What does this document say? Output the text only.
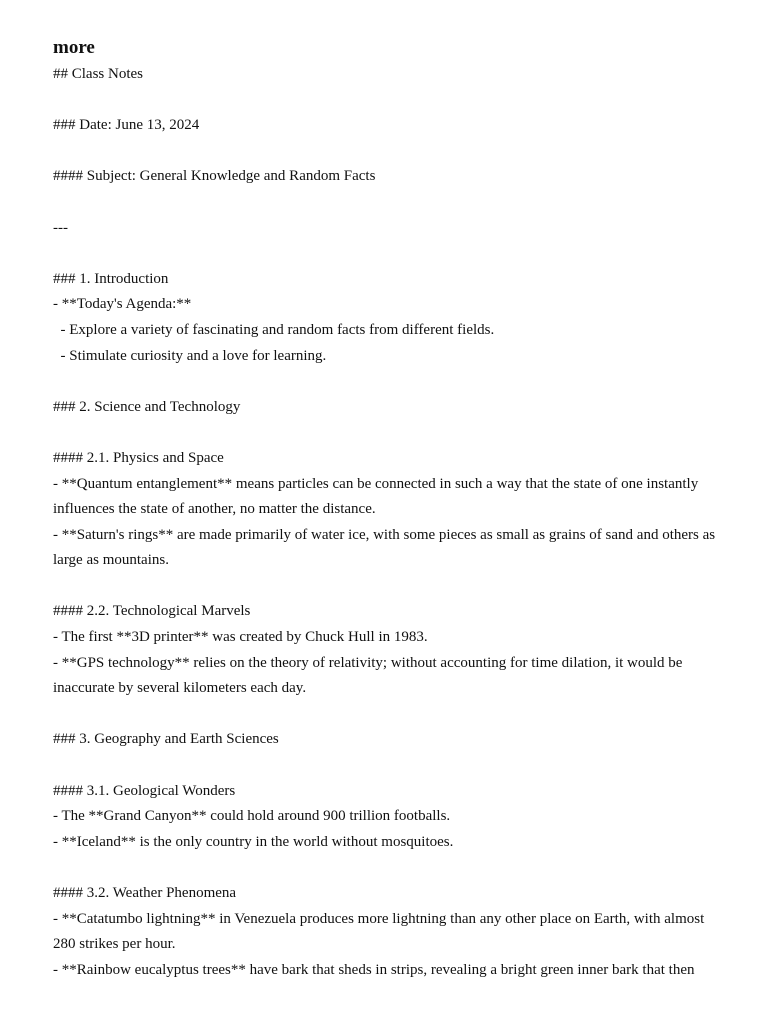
more

## Class Notes

### Date: June 13, 2024

#### Subject: General Knowledge and Random Facts

---

### 1. Introduction

- **Today's Agenda:**

- Explore a variety of fascinating and random facts from different fields.

- Stimulate curiosity and a love for learning.

### 2. Science and Technology

#### 2.1. Physics and Space

- **Quantum entanglement** means particles can be connected in such a way that the state of one instantly influences the state of another, no matter the distance.

- **Saturn's rings** are made primarily of water ice, with some pieces as small as grains of sand and others as large as mountains.

#### 2.2. Technological Marvels

- The first **3D printer** was created by Chuck Hull in 1983.

- **GPS technology** relies on the theory of relativity; without accounting for time dilation, it would be inaccurate by several kilometers each day.

### 3. Geography and Earth Sciences

#### 3.1. Geological Wonders

- The **Grand Canyon** could hold around 900 trillion footballs.

- **Iceland** is the only country in the world without mosquitoes.

#### 3.2. Weather Phenomena

- **Catatumbo lightning** in Venezuela produces more lightning than any other place on Earth, with almost 280 strikes per hour.

- **Rainbow eucalyptus trees** have bark that sheds in strips, revealing a bright green inner bark that then
